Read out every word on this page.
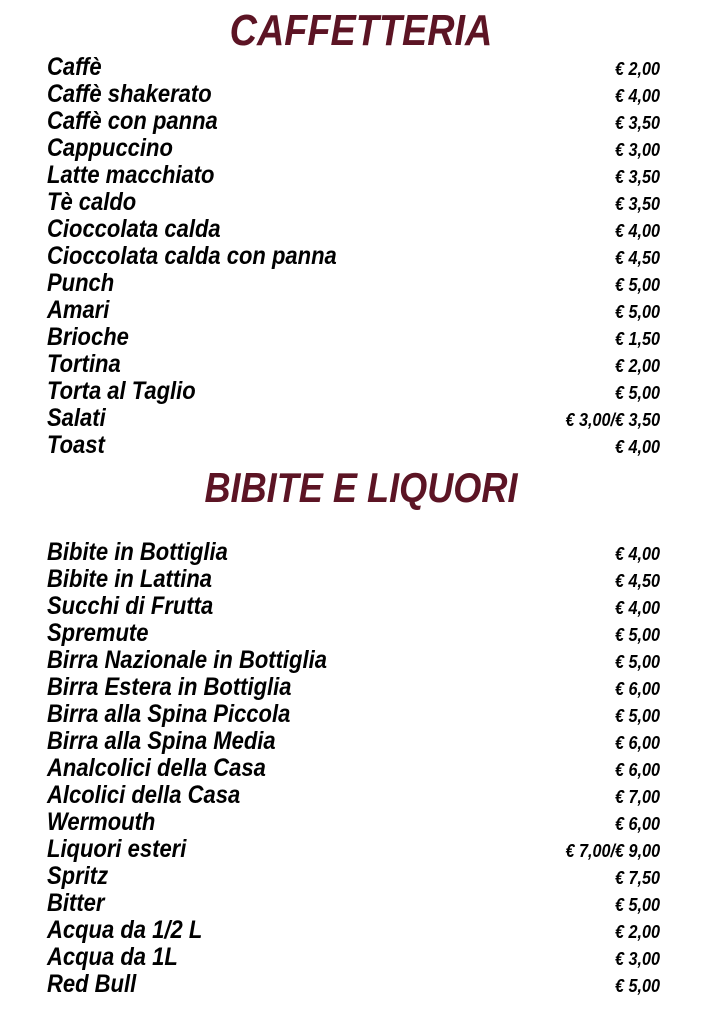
CAFFETTERIA
Caffè	€ 2,00
Caffè shakerato	€ 4,00
Caffè con panna	€ 3,50
Cappuccino	€ 3,00
Latte macchiato	€ 3,50
Tè caldo	€ 3,50
Cioccolata calda	€ 4,00
Cioccolata calda con panna	€ 4,50
Punch	€ 5,00
Amari	€ 5,00
Brioche	€ 1,50
Tortina	€ 2,00
Torta al Taglio	€ 5,00
Salati	€ 3,00/€ 3,50
Toast	€ 4,00
BIBITE E LIQUORI
Bibite in Bottiglia	€ 4,00
Bibite in Lattina	€ 4,50
Succhi di Frutta	€ 4,00
Spremute	€ 5,00
Birra Nazionale in Bottiglia	€ 5,00
Birra Estera in Bottiglia	€ 6,00
Birra alla Spina Piccola	€ 5,00
Birra alla Spina Media	€ 6,00
Analcolici della Casa	€ 6,00
Alcolici della Casa	€ 7,00
Wermouth	€ 6,00
Liquori esteri	€ 7,00/€ 9,00
Spritz	€ 7,50
Bitter	€ 5,00
Acqua da 1/2 L	€ 2,00
Acqua da 1L	€ 3,00
Red Bull	€ 5,00
